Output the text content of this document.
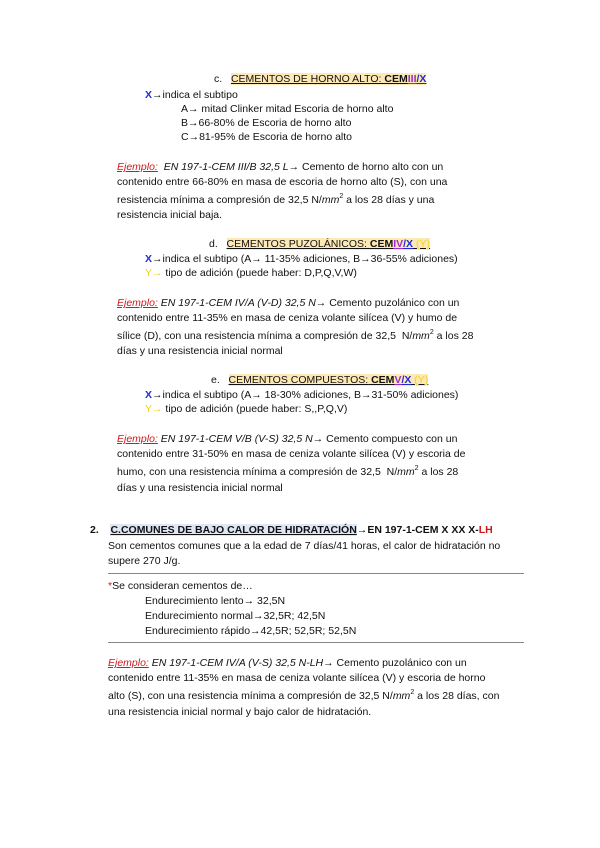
c. CEMENTOS DE HORNO ALTO: CEMIII/X
X→indica el subtipo
A→ mitad Clinker mitad Escoria de horno alto
B→66-80% de Escoria de horno alto
C→81-95% de Escoria de horno alto
Ejemplo: EN 197-1-CEM III/B 32,5 L→ Cemento de horno alto con un
contenido entre 66-80% en masa de escoria de horno alto (S), con una
resistencia mínima a compresión de 32,5 $N/mm^2$ a los 28 días y una
resistencia inicial baja.
d. CEMENTOS PUZOLÁNICOS: CEMIV/X (Y)
X→indica el subtipo (A→ 11-35% adiciones, B→36-55% adiciones)
Y→ tipo de adición (puede haber: D,P,Q,V,W)
Ejemplo: EN 197-1-CEM IV/A (V-D) 32,5 N→ Cemento puzolánico con un
contenido entre 11-35% en masa de ceniza volante silícea (V) y humo de
sílice (D), con una resistencia mínima a compresión de 32,5 $N/mm^2$ a los 28
días y una resistencia inicial normal
e. CEMENTOS COMPUESTOS: CEMV/X (Y)
X→indica el subtipo (A→ 18-30% adiciones, B→31-50% adiciones)
Y→ tipo de adición (puede haber: S,,P,Q,V)
Ejemplo: EN 197-1-CEM V/B (V-S) 32,5 N→ Cemento compuesto con un
contenido entre 31-50% en masa de ceniza volante silícea (V) y escoria de
humo, con una resistencia mínima a compresión de 32,5 $N/mm^2$ a los 28
días y una resistencia inicial normal
2. C.COMUNES DE BAJO CALOR DE HIDRATACIÓN→EN 197-1-CEM X XX X-LH
Son cementos comunes que a la edad de 7 días/41 horas, el calor de hidratación no
supere 270 J/g.
*Se consideran cementos de…
Endurecimiento lento→ 32,5N
Endurecimiento normal→32,5R; 42,5N
Endurecimiento rápido→42,5R; 52,5R; 52,5N
Ejemplo: EN 197-1-CEM IV/A (V-S) 32,5 N-LH→ Cemento puzolánico con un
contenido entre 11-35% en masa de ceniza volante silícea (V) y escoria de horno
alto (S), con una resistencia mínima a compresión de 32,5 $N/mm^2$ a los 28 días, con
una resistencia inicial normal y bajo calor de hidratación.
